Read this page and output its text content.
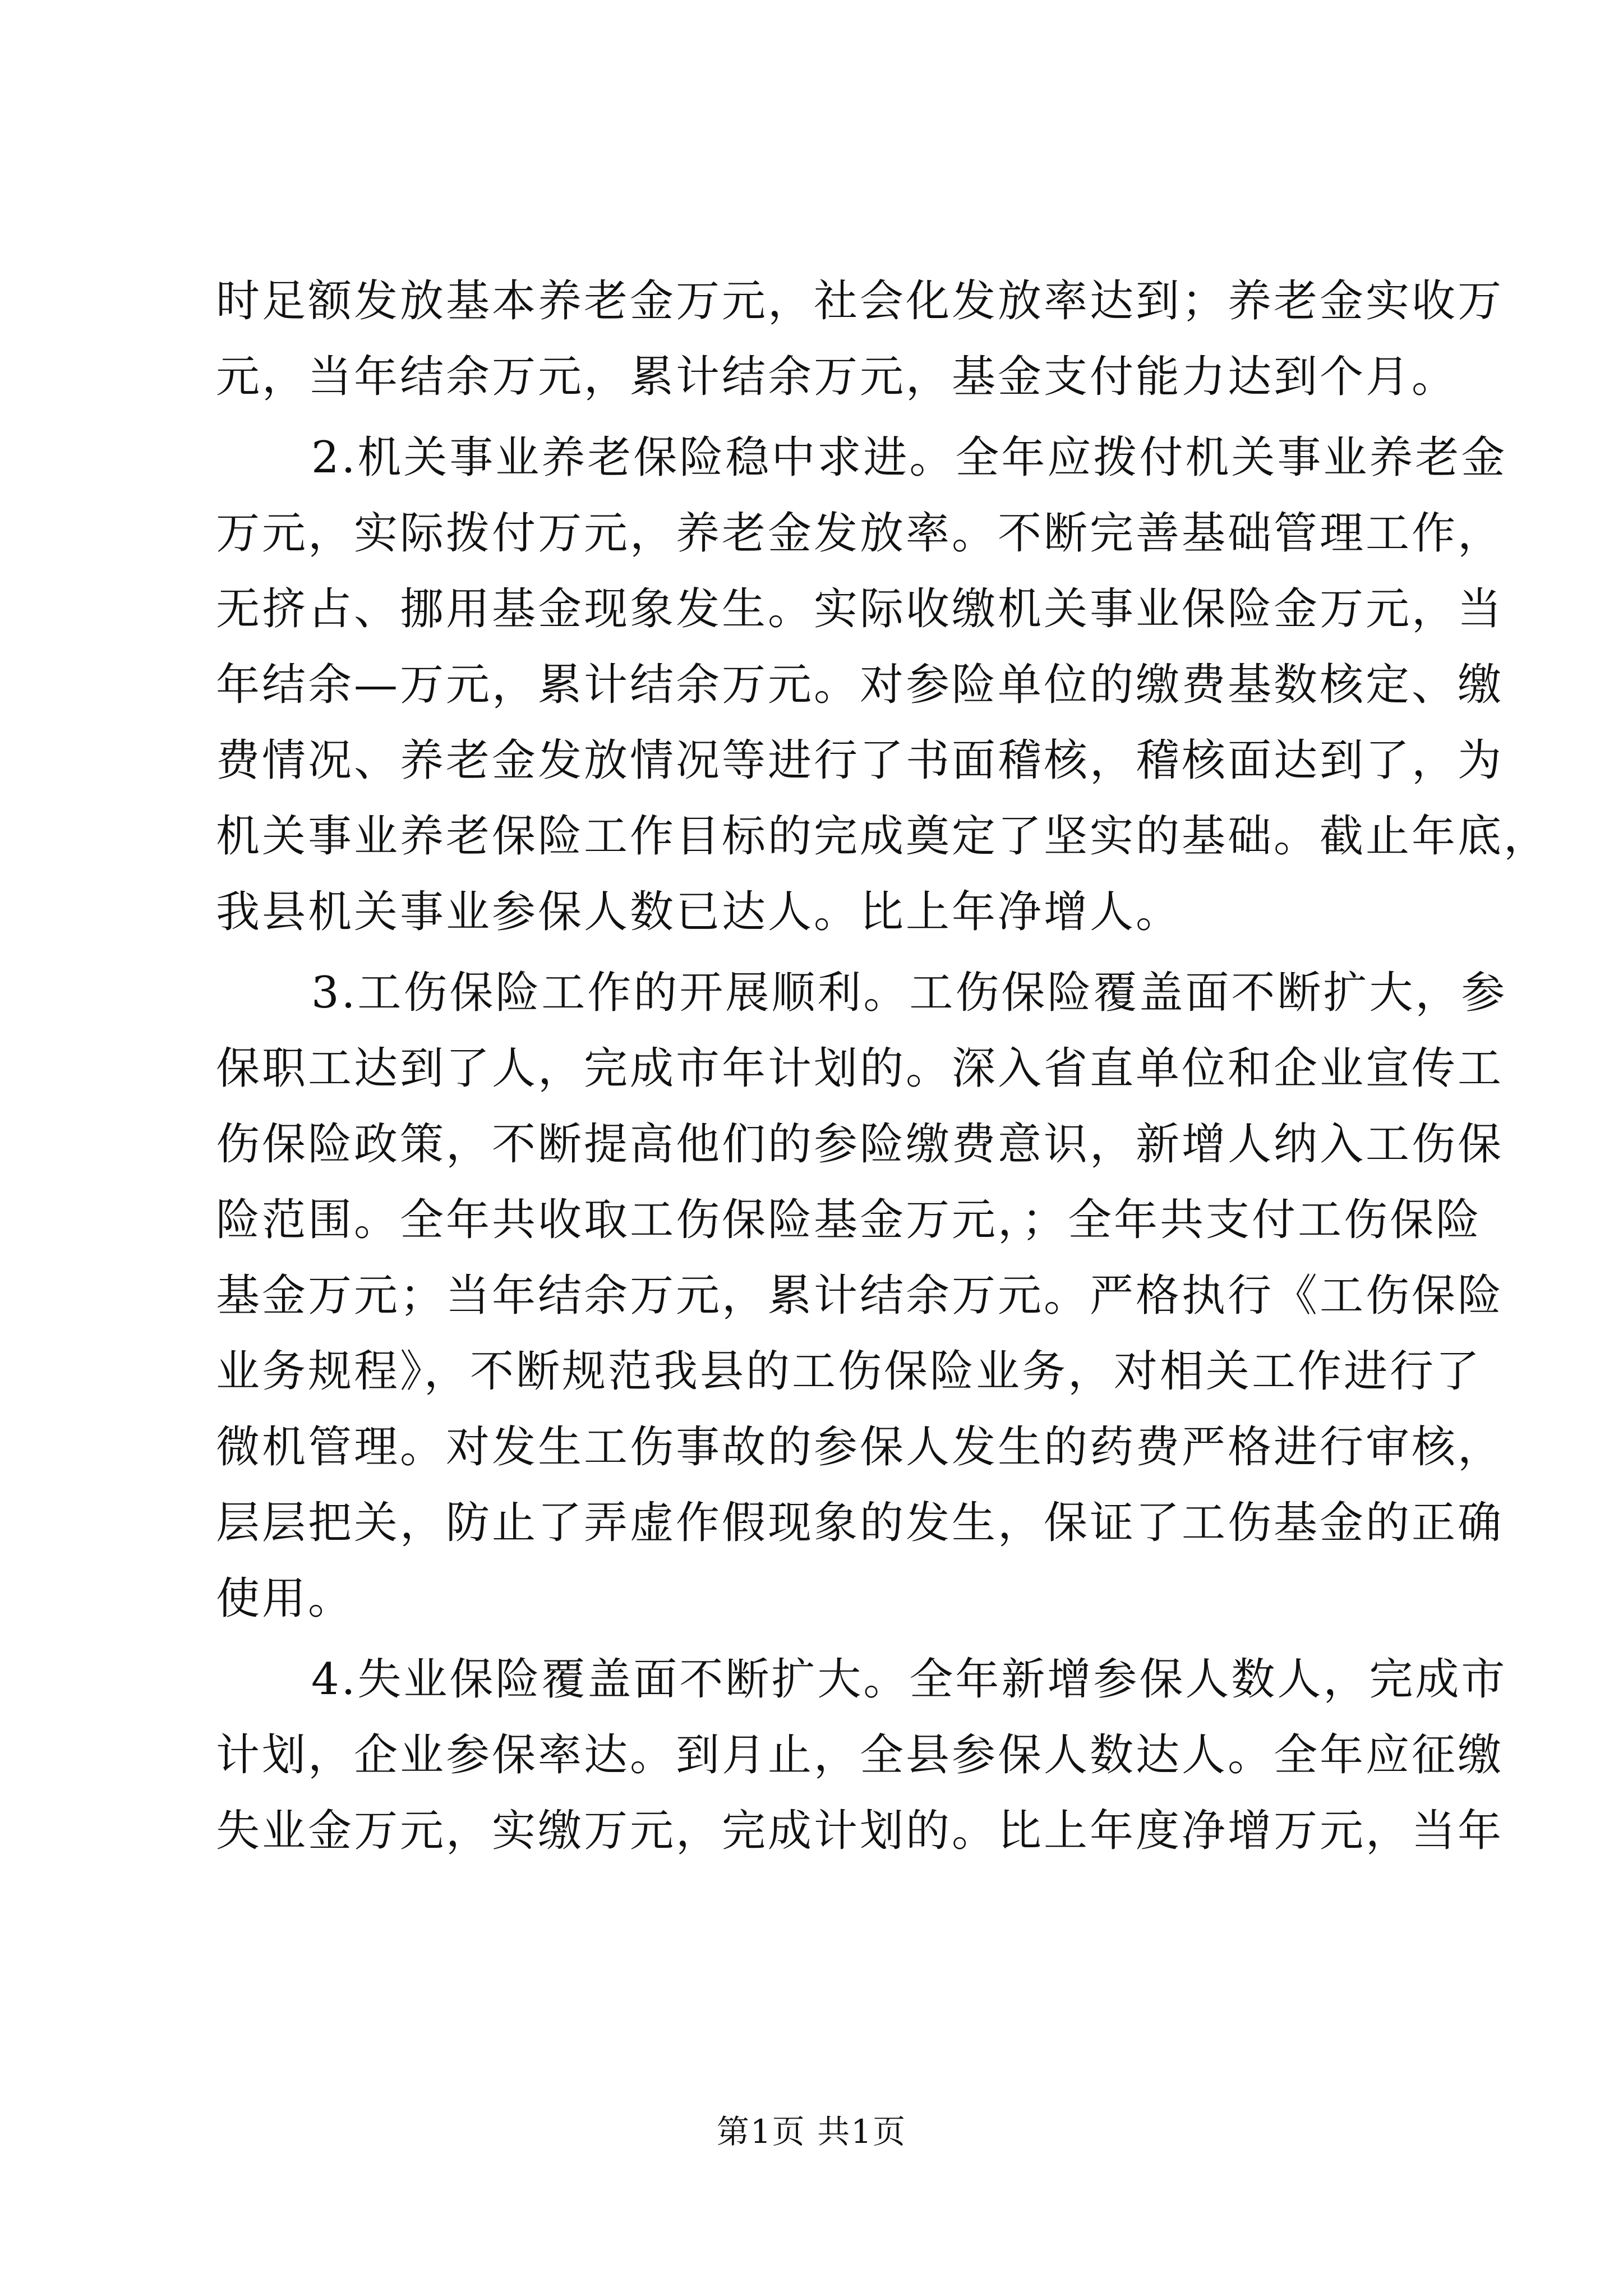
时足额发放基本养老金万元，社会化发放率达到；养老金实收万
元，当年结余万元，累计结余万元，基金支付能力达到个月。
2.机关事业养老保险稳中求进。全年应拨付机关事业养老金
万元，实际拨付万元，养老金发放率。不断完善基础管理工作，
无挤占、挪用基金现象发生。实际收缴机关事业保险金万元，当
年结余—万元，累计结余万元。对参险单位的缴费基数核定、缴
费情况、养老金发放情况等进行了书面稽核，稽核面达到了，为
机关事业养老保险工作目标的完成奠定了坚实的基础。截止年底，
我县机关事业参保人数已达人。比上年净增人。
3.工伤保险工作的开展顺利。工伤保险覆盖面不断扩大，参
保职工达到了人，完成市年计划的。深入省直单位和企业宣传工
伤保险政策，不断提高他们的参险缴费意识，新增人纳入工伤保
险范围。全年共收取工伤保险基金万元，；全年共支付工伤保险
基金万元；当年结余万元，累计结余万元。严格执行《工伤保险
业务规程》，不断规范我县的工伤保险业务，对相关工作进行了
微机管理。对发生工伤事故的参保人发生的药费严格进行审核，
层层把关，防止了弄虚作假现象的发生，保证了工伤基金的正确
使用。
4.失业保险覆盖面不断扩大。全年新增参保人数人，完成市
计划，企业参保率达。到月止，全县参保人数达人。全年应征缴
失业金万元，实缴万元，完成计划的。比上年度净增万元，当年
第1页 共1页
